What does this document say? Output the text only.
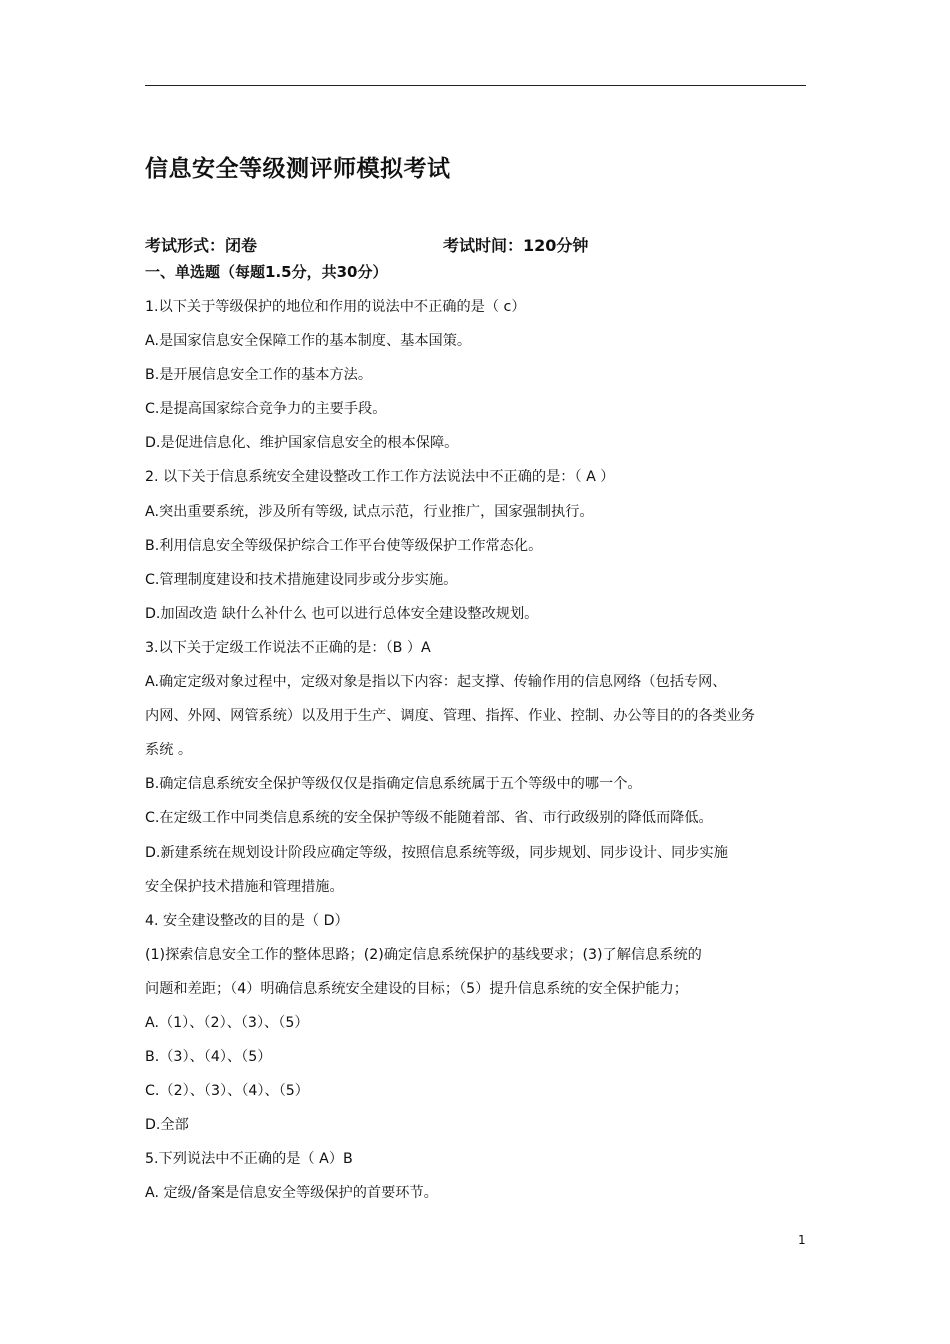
信息安全等级测评师模拟考试
考试形式：闭卷	考试时间：120分钟
一、单选题（每题1.5分，共30分）
1.以下关于等级保护的地位和作用的说法中不正确的是（ c）
A.是国家信息安全保障工作的基本制度、基本国策。
B.是开展信息安全工作的基本方法。
C.是提高国家综合竞争力的主要手段。
D.是促进信息化、维护国家信息安全的根本保障。
2. 以下关于信息系统安全建设整改工作工作方法说法中不正确的是：（ A ）
A.突出重要系统，涉及所有等级, 试点示范，行业推广，国家强制执行。
B.利用信息安全等级保护综合工作平台使等级保护工作常态化。
C.管理制度建设和技术措施建设同步或分步实施。
D.加固改造 缺什么补什么 也可以进行总体安全建设整改规划。
3.以下关于定级工作说法不正确的是：（B ）A
A.确定定级对象过程中，定级对象是指以下内容：起支撑、传输作用的信息网络（包括专网、
内网、外网、网管系统）以及用于生产、调度、管理、指挥、作业、控制、办公等目的的各类业务
系统 。
B.确定信息系统安全保护等级仅仅是指确定信息系统属于五个等级中的哪一个。
C.在定级工作中同类信息系统的安全保护等级不能随着部、省、市行政级别的降低而降低。
D.新建系统在规划设计阶段应确定等级，按照信息系统等级，同步规划、同步设计、同步实施
安全保护技术措施和管理措施。
4. 安全建设整改的目的是（ D）
(1)探索信息安全工作的整体思路；(2)确定信息系统保护的基线要求；(3)了解信息系统的
问题和差距；（4）明确信息系统安全建设的目标；（5）提升信息系统的安全保护能力；
A.（1）、（2）、（3）、（5）
B.（3）、（4）、（5）
C.（2）、（3）、（4）、（5）
D.全部
5.下列说法中不正确的是（ A）B
A. 定级/备案是信息安全等级保护的首要环节。
1
